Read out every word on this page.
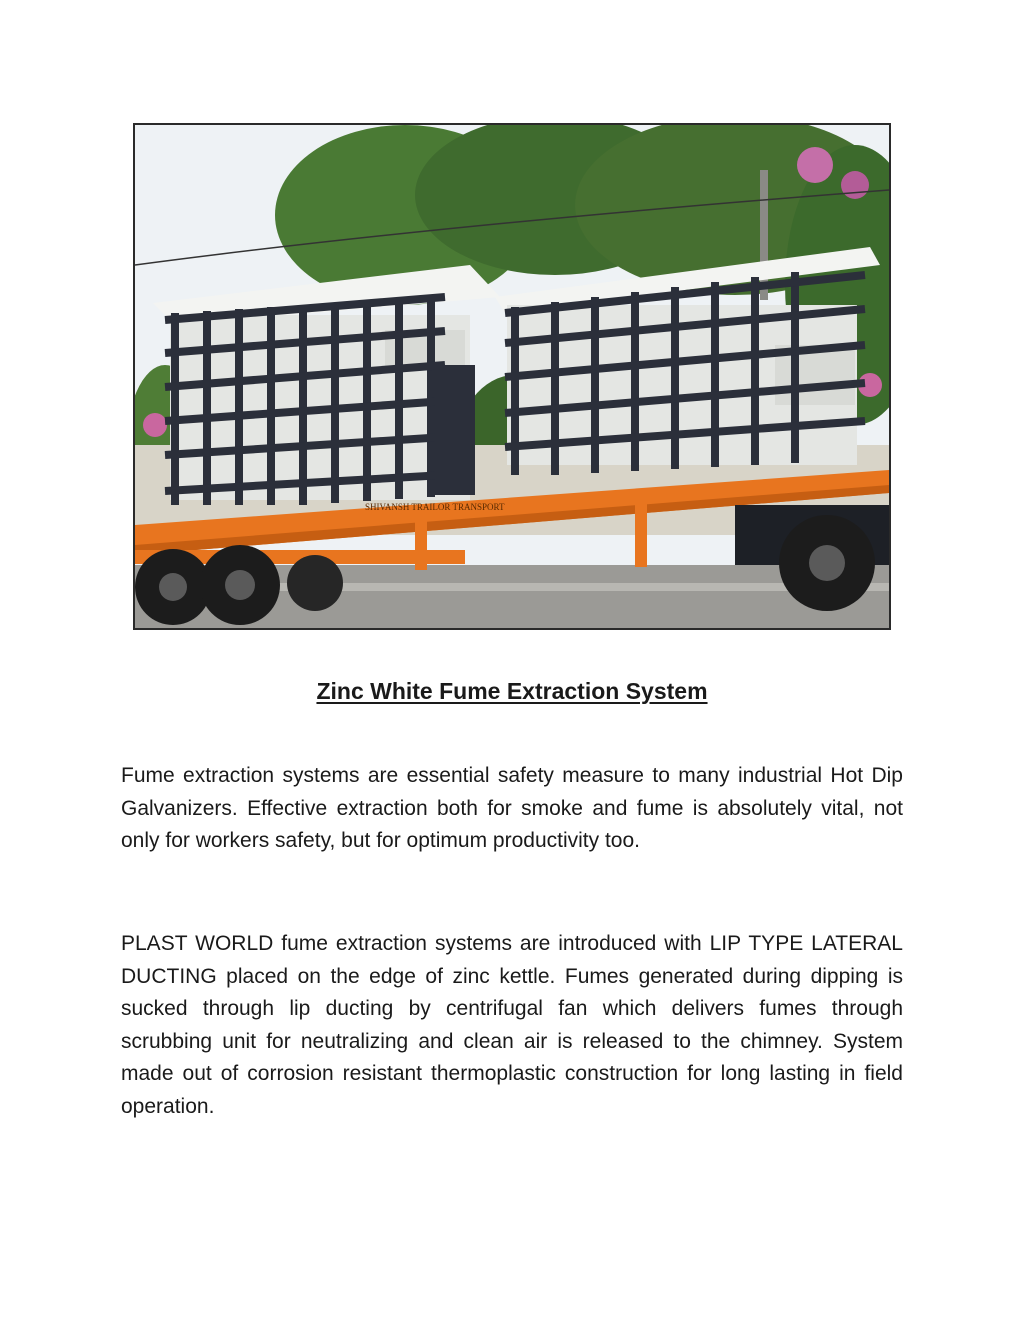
SHIVANSH TRAILOR TRANSPORT
Zinc White Fume Extraction System

Fume extraction systems are essential safety measure to many industrial Hot Dip Galvanizers. Effective extraction both for smoke and fume is absolutely vital, not only for workers safety, but for optimum productivity too.

PLAST WORLD fume extraction systems are introduced with LIP TYPE LATERAL DUCTING placed on the edge of zinc kettle. Fumes generated during dipping is sucked through lip ducting by centrifugal fan which delivers fumes through scrubbing unit for neutralizing and clean air is released to the chimney. System made out of corrosion resistant thermoplastic construction for long lasting in field operation.
